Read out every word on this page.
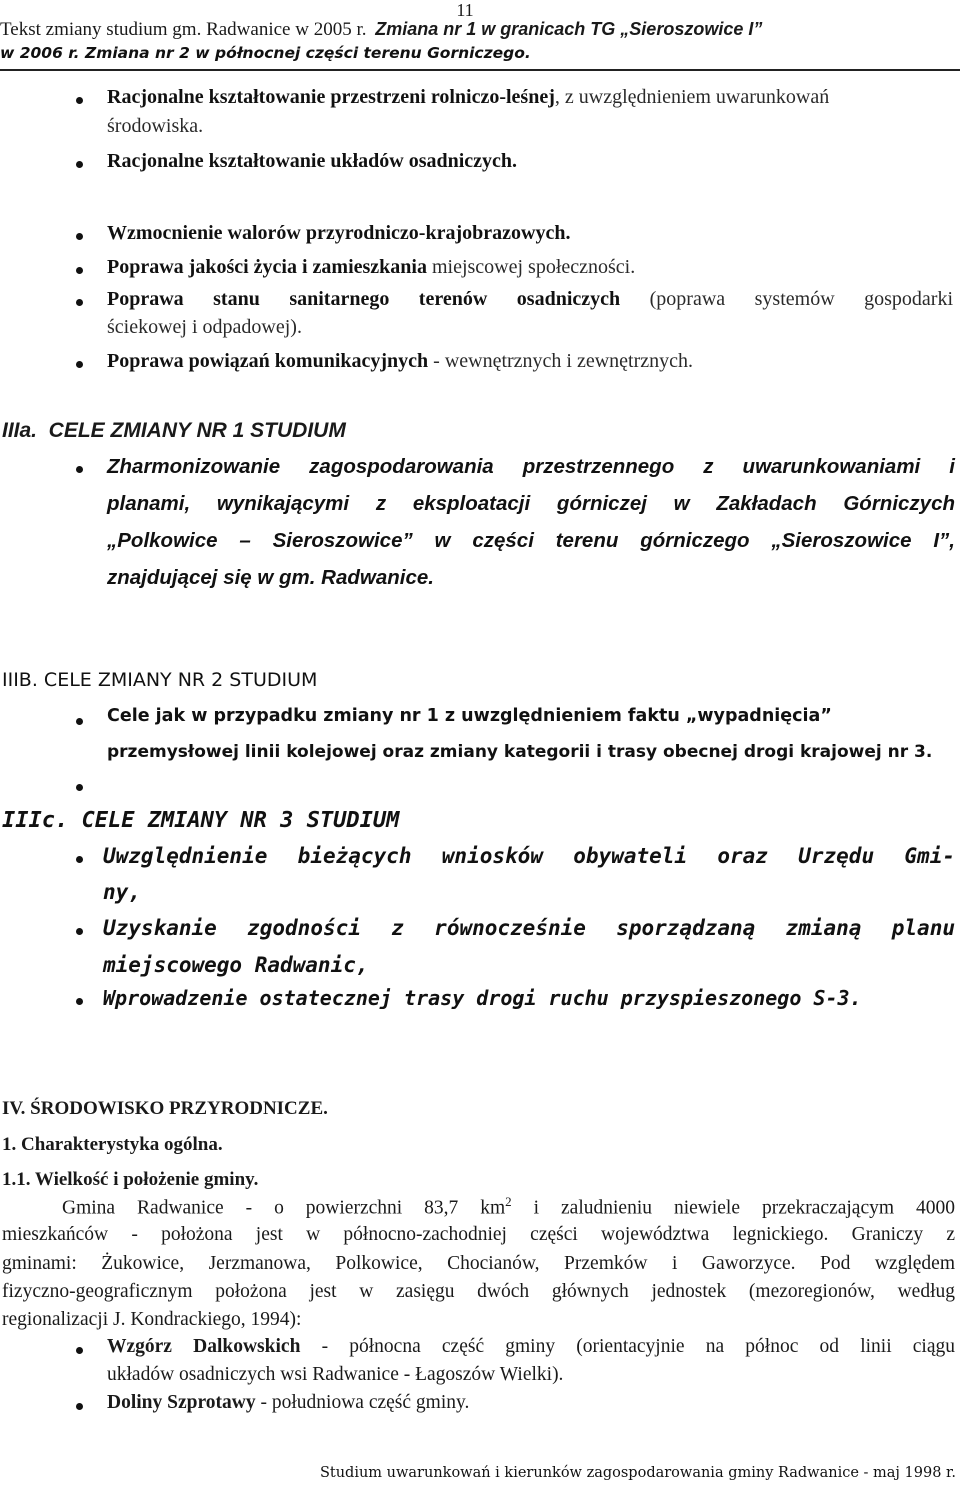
11
Tekst zmiany studium gm. Radwanice w 2005 r. Zmiana nr 1 w granicach TG „Sieroszowice I”
w 2006 r. Zmiana nr 2 w północnej części terenu Gorniczego.
Racjonalne kształtowanie przestrzeni rolniczo-leśnej, z uwzględnieniem uwarunkowań
środowiska.
Racjonalne kształtowanie układów osadniczych.
Wzmocnienie walorów przyrodniczo-krajobrazowych.
Poprawa jakości życia i zamieszkania miejscowej społeczności.
Poprawa stanu sanitarnego terenów osadniczych (poprawa systemów gospodarki
ściekowej i odpadowej).
Poprawa powiązań komunikacyjnych - wewnętrznych i zewnętrznych.
IIIa.  CELE ZMIANY NR 1 STUDIUM
Zharmonizowanie zagospodarowania przestrzennego z uwarunkowaniami i
planami, wynikającymi z eksploatacji górniczej w Zakładach Górniczych
„Polkowice – Sieroszowice” w części terenu górniczego „Sieroszowice I”,
znajdującej się w gm. Radwanice.
IIIB. CELE ZMIANY NR 2 STUDIUM
Cele jak w przypadku zmiany nr 1 z uwzględnieniem faktu „wypadnięcia”
przemysłowej linii kolejowej oraz zmiany kategorii i trasy obecnej drogi krajowej nr 3.
IIIc. CELE ZMIANY NR 3 STUDIUM
Uwzględnienie bieżących wniosków obywateli oraz Urzędu Gmi-
ny,
Uzyskanie zgodności z równocześnie sporządzaną zmianą planu
miejscowego Radwanic,
Wprowadzenie ostatecznej trasy drogi ruchu przyspieszonego S-3.
IV. ŚRODOWISKO PRZYRODNICZE.
1. Charakterystyka ogólna.
1.1. Wielkość i położenie gminy.
Gmina Radwanice - o powierzchni 83,7 $km^2$ i zaludnieniu niewiele przekraczającym 4000
mieszkańców - położona jest w północno-zachodniej części województwa legnickiego. Graniczy z
gminami: Żukowice, Jerzmanowa, Polkowice, Chocianów, Przemków i Gaworzyce. Pod względem
fizyczno-geograficznym położona jest w zasięgu dwóch głównych jednostek (mezoregionów, według
regionalizacji J. Kondrackiego, 1994):
Wzgórz Dalkowskich - północna część gminy (orientacyjnie na północ od linii ciągu
układów osadniczych wsi Radwanice - Łagoszów Wielki).
Doliny Szprotawy - południowa część gminy.
Studium uwarunkowań i kierunków zagospodarowania gminy Radwanice - maj 1998 r.
